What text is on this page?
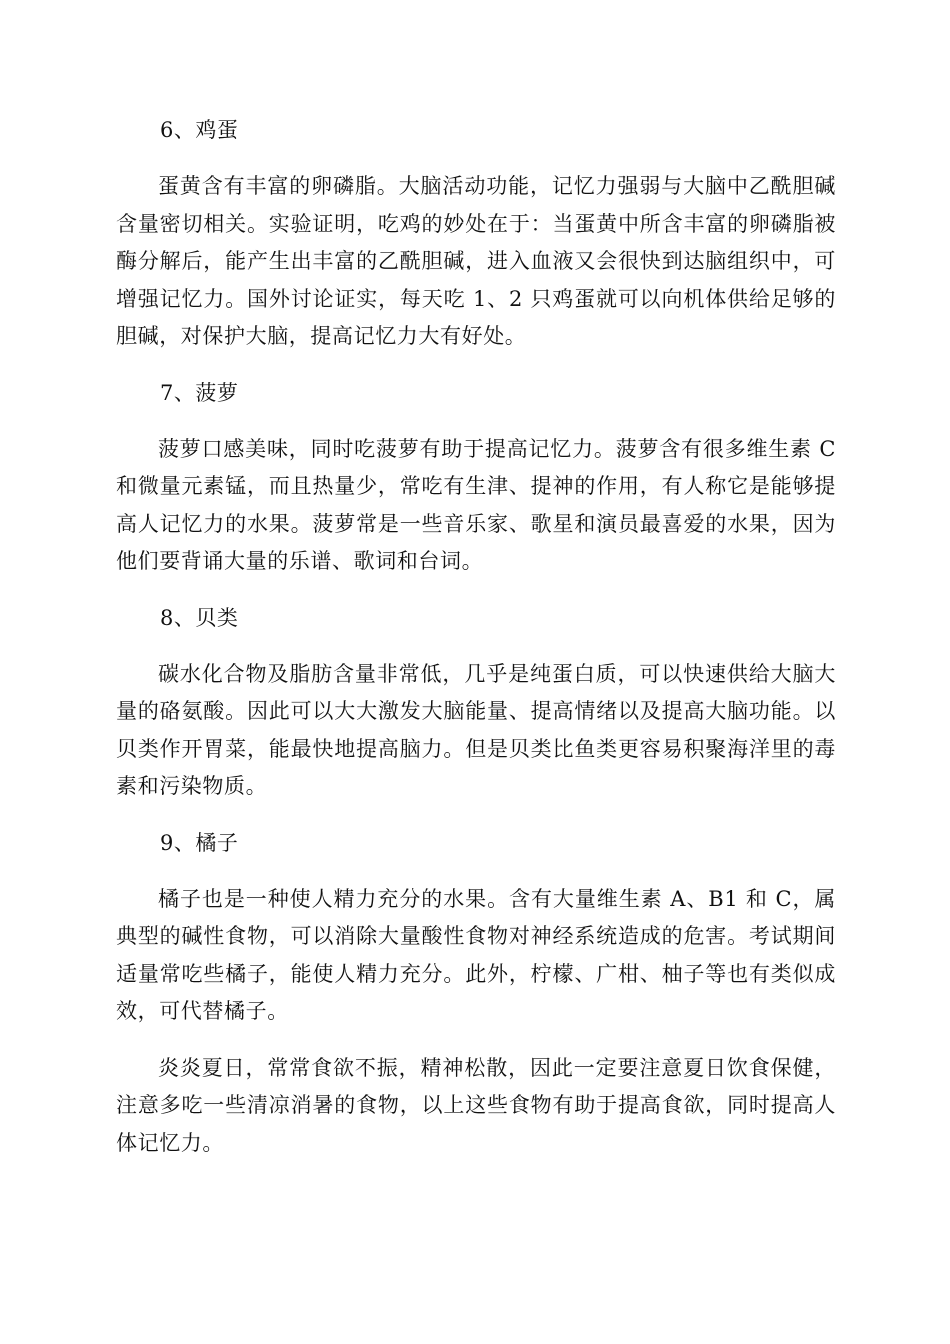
6、鸡蛋

蛋黄含有丰富的卵磷脂。大脑活动功能，记忆力强弱与大脑中乙酰胆碱含量密切相关。实验证明，吃鸡的妙处在于：当蛋黄中所含丰富的卵磷脂被酶分解后，能产生出丰富的乙酰胆碱，进入血液又会很快到达脑组织中，可增强记忆力。国外讨论证实，每天吃 1、2 只鸡蛋就可以向机体供给足够的胆碱，对保护大脑，提高记忆力大有好处。

7、菠萝

菠萝口感美味，同时吃菠萝有助于提高记忆力。菠萝含有很多维生素 C 和微量元素锰，而且热量少，常吃有生津、提神的作用，有人称它是能够提高人记忆力的水果。菠萝常是一些音乐家、歌星和演员最喜爱的水果，因为他们要背诵大量的乐谱、歌词和台词。

8、贝类

碳水化合物及脂肪含量非常低，几乎是纯蛋白质，可以快速供给大脑大量的硌氨酸。因此可以大大激发大脑能量、提高情绪以及提高大脑功能。以贝类作开胃菜，能最快地提高脑力。但是贝类比鱼类更容易积聚海洋里的毒素和污染物质。

9、橘子

橘子也是一种使人精力充分的水果。含有大量维生素 A、B1 和 C，属典型的碱性食物，可以消除大量酸性食物对神经系统造成的危害。考试期间适量常吃些橘子，能使人精力充分。此外，柠檬、广柑、柚子等也有类似成效，可代替橘子。

炎炎夏日，常常食欲不振，精神松散，因此一定要注意夏日饮食保健，注意多吃一些清凉消暑的食物，以上这些食物有助于提高食欲，同时提高人体记忆力。
